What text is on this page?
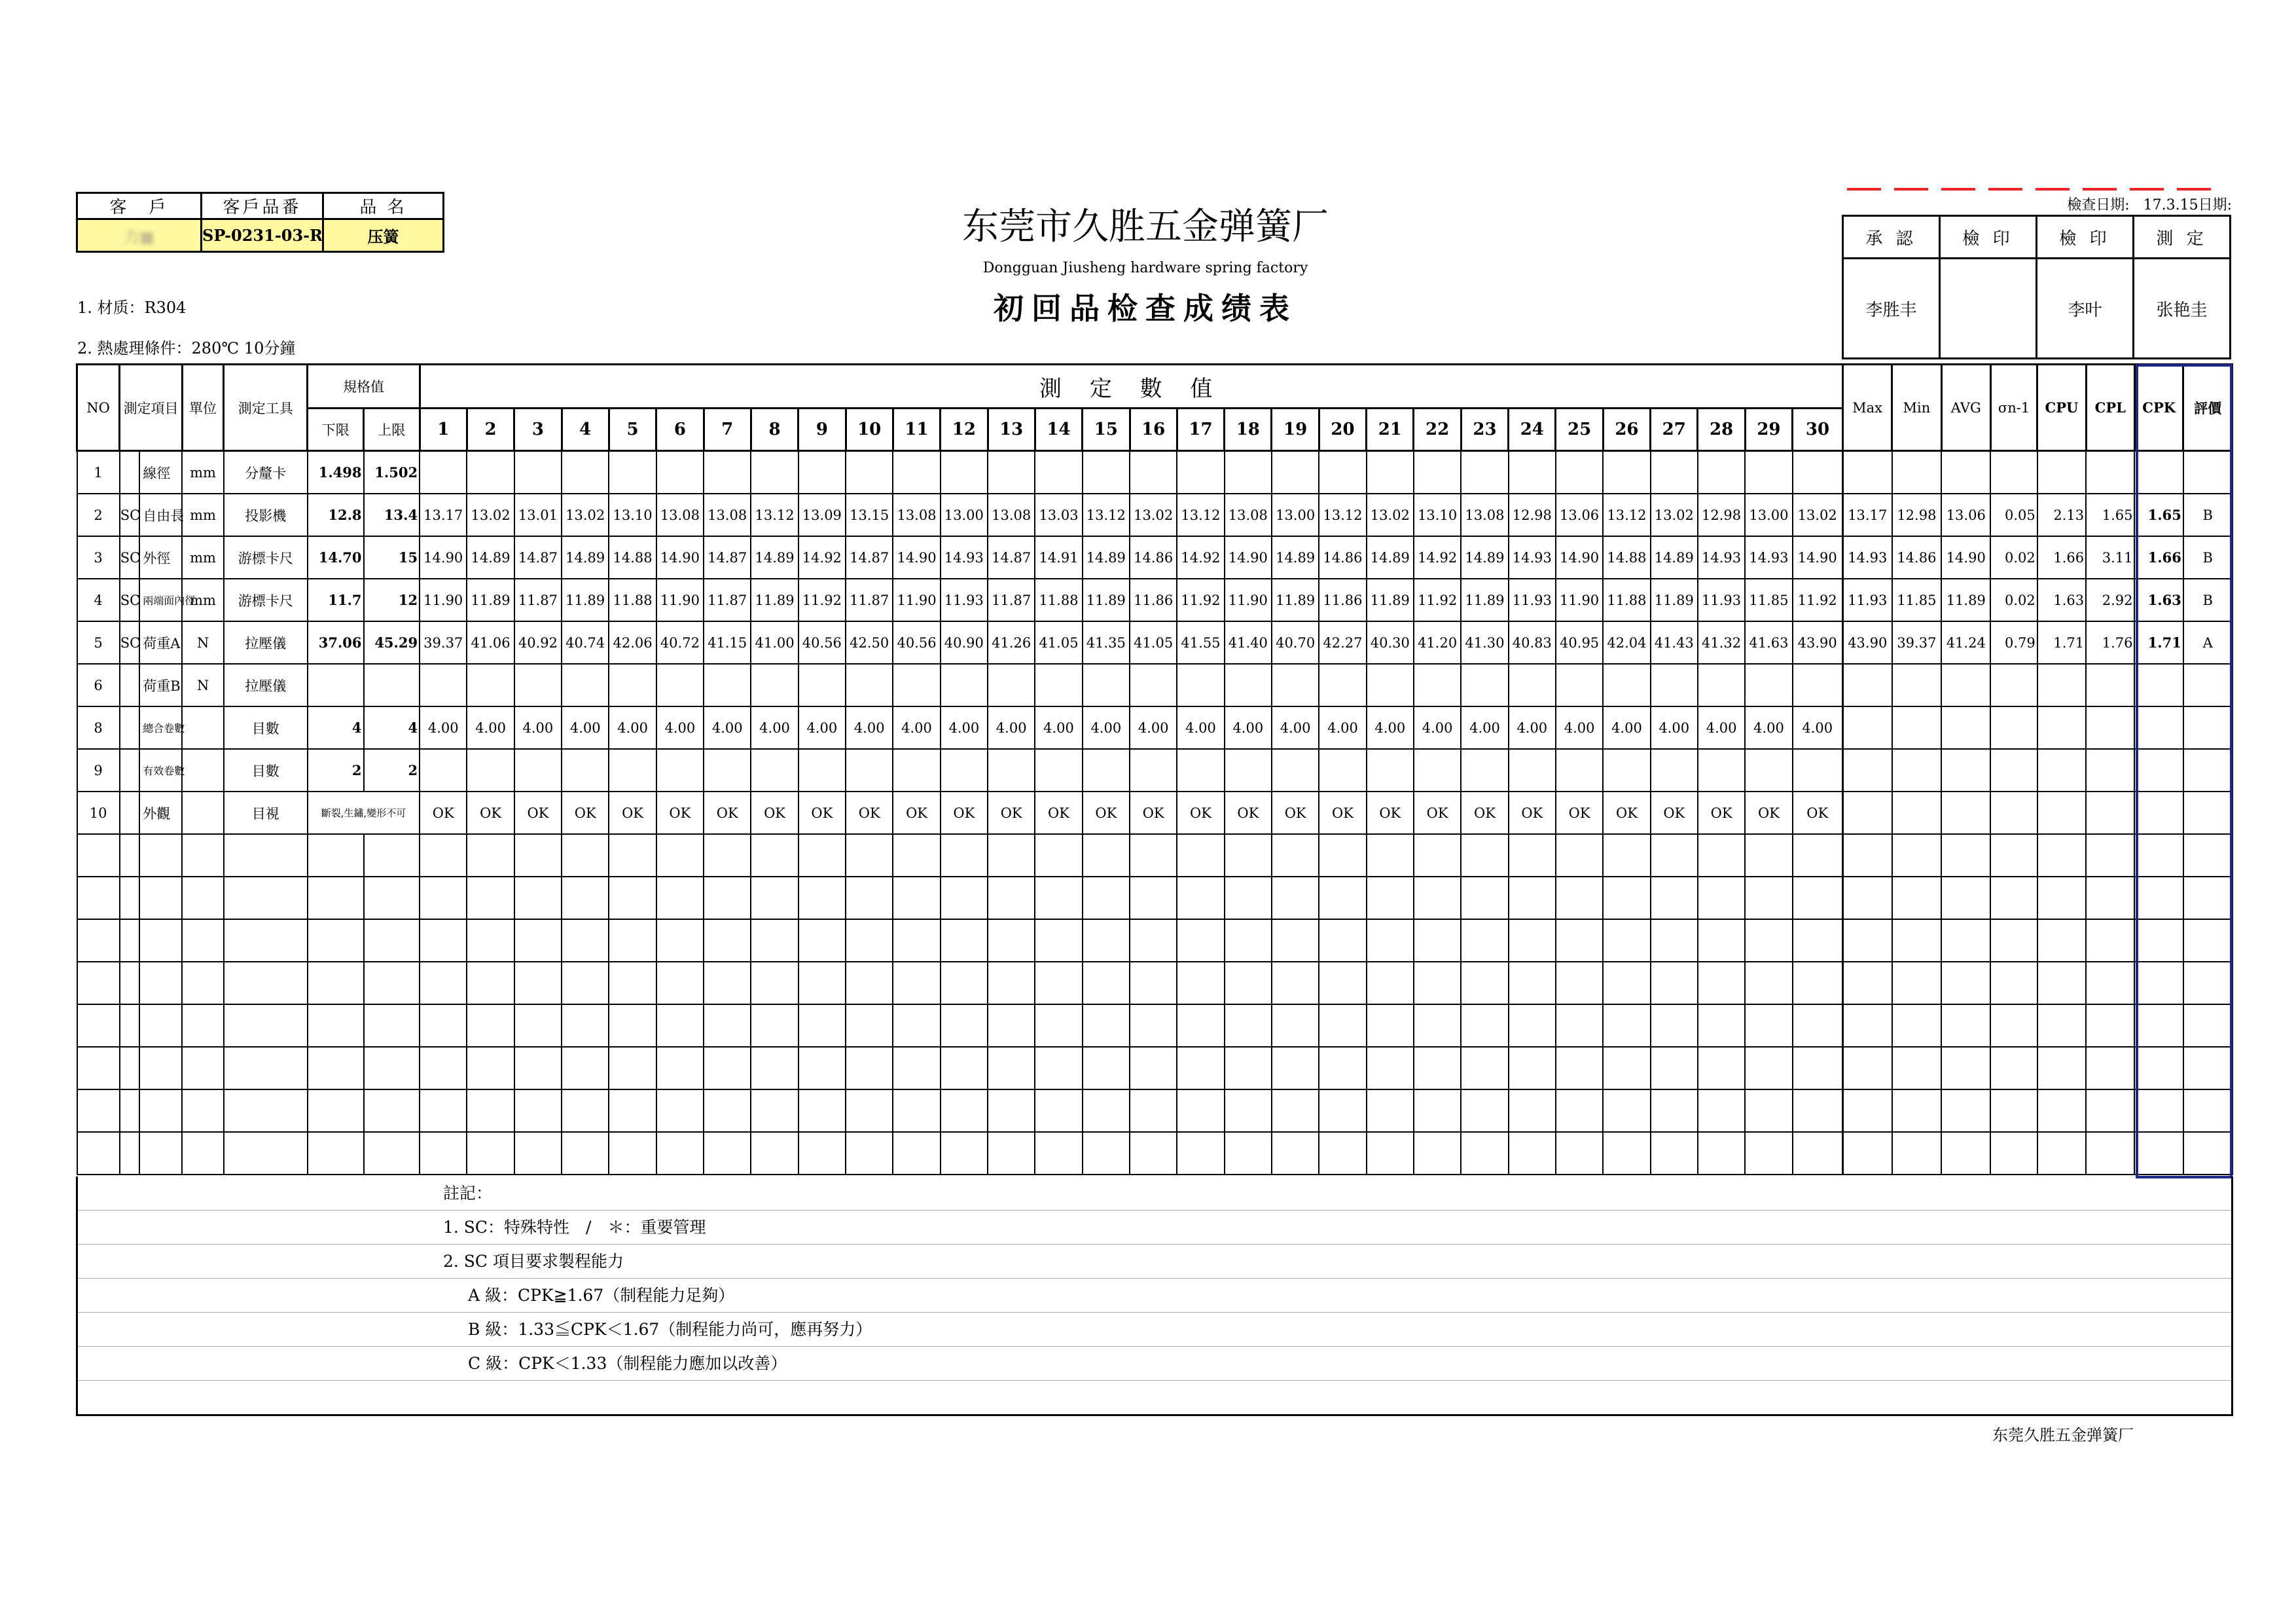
客　戶	客戶品番	品 名
力■	SP-0231-03-R	压簧
1. 材质：R304
2. 熱處理條件：280℃ 10分鐘
东莞市久胜五金弹簧厂
Dongguan Jiusheng hardware spring factory
初回品检查成绩表
檢查日期: 17.3.15日期:
承 認	檢 印	檢 印	測 定
李胜丰		李叶	张艳圭
NO	測定項目		單位	測定工具	規格值		測 定 數 值																														Max	Min	AVG	σn-1	CPU	CPL	CPK	評價
					下限	上限	1	2	3	4	5	6	7	8	9	10	11	12	13	14	15	16	17	18	19	20	21	22	23	24	25	26	27	28	29	30								
1		線徑	mm	分釐卡	1.498	1.502																																						
2	SC	自由長	mm	投影機	12.8	13.4	13.17	13.02	13.01	13.02	13.10	13.08	13.08	13.12	13.09	13.15	13.08	13.00	13.08	13.03	13.12	13.02	13.12	13.08	13.00	13.12	13.02	13.10	13.08	12.98	13.06	13.12	13.02	12.98	13.00	13.02	13.17	12.98	13.06	0.05	2.13	1.65	1.65	B
3	SC	外徑	mm	游標卡尺	14.70	15	14.90	14.89	14.87	14.89	14.88	14.90	14.87	14.89	14.92	14.87	14.90	14.93	14.87	14.91	14.89	14.86	14.92	14.90	14.89	14.86	14.89	14.92	14.89	14.93	14.90	14.88	14.89	14.93	14.93	14.90	14.93	14.86	14.90	0.02	1.66	3.11	1.66	B
4	SC	兩端面內徑	mm	游標卡尺	11.7	12	11.90	11.89	11.87	11.89	11.88	11.90	11.87	11.89	11.92	11.87	11.90	11.93	11.87	11.88	11.89	11.86	11.92	11.90	11.89	11.86	11.89	11.92	11.89	11.93	11.90	11.88	11.89	11.93	11.85	11.92	11.93	11.85	11.89	0.02	1.63	2.92	1.63	B
5	SC	荷重A	N	拉壓儀	37.06	45.29	39.37	41.06	40.92	40.74	42.06	40.72	41.15	41.00	40.56	42.50	40.56	40.90	41.26	41.05	41.35	41.05	41.55	41.40	40.70	42.27	40.30	41.20	41.30	40.83	40.95	42.04	41.43	41.32	41.63	43.90	43.90	39.37	41.24	0.79	1.71	1.76	1.71	A
6		荷重B	N	拉壓儀																																								
8		總合卷數		目數	4	4	4.00	4.00	4.00	4.00	4.00	4.00	4.00	4.00	4.00	4.00	4.00	4.00	4.00	4.00	4.00	4.00	4.00	4.00	4.00	4.00	4.00	4.00	4.00	4.00	4.00	4.00	4.00	4.00	4.00	4.00								
9		有效卷數		目數	2	2																																						
10		外觀		目視	斷裂,生鏽,變形不可		OK	OK	OK	OK	OK	OK	OK	OK	OK	OK	OK	OK	OK	OK	OK	OK	OK	OK	OK	OK	OK	OK	OK	OK	OK	OK	OK	OK	OK	OK								

註記：
1. SC：特殊特性　/　＊：重要管理
2. SC 項目要求製程能力
A 級：CPK≧1.67（制程能力足夠）
B 級：1.33≦CPK＜1.67（制程能力尚可，應再努力）
C 級：CPK＜1.33（制程能力應加以改善）
东莞久胜五金弹簧厂
